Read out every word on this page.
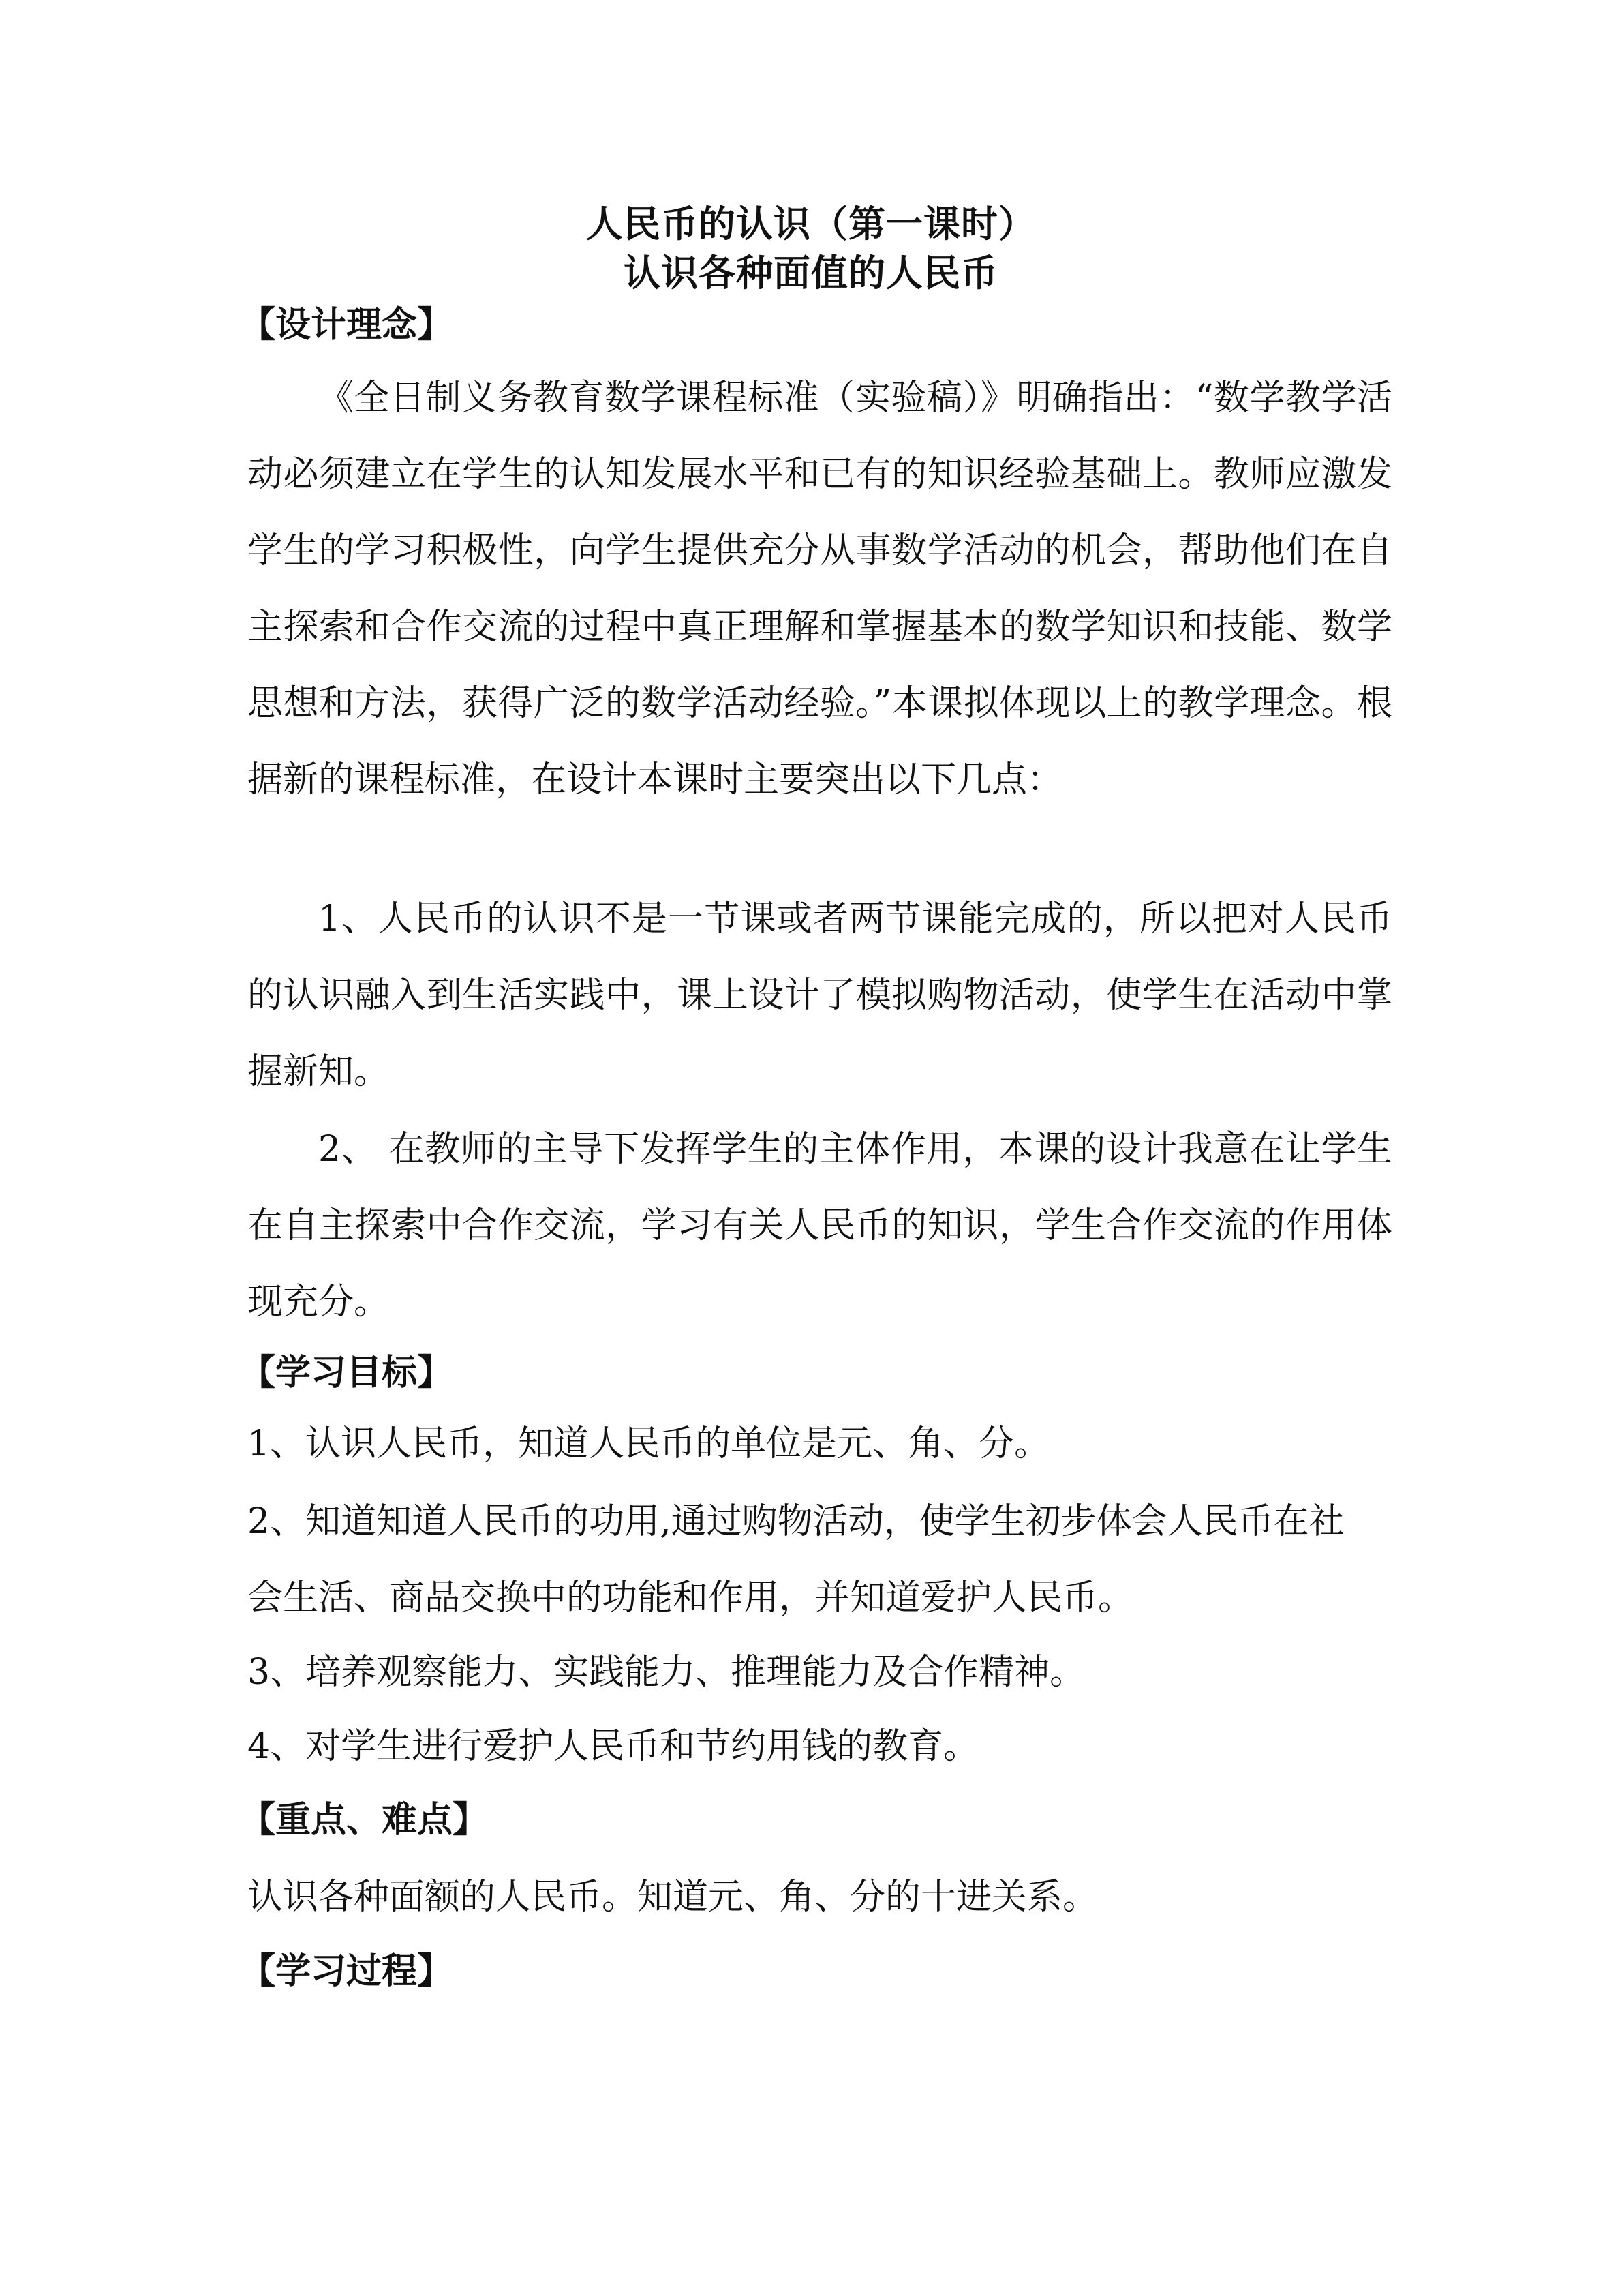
人民币的认识（第一课时）
认识各种面值的人民币
【设计理念】
《全日制义务教育数学课程标准（实验稿）》明确指出：“数学教学活动必须建立在学生的认知发展水平和已有的知识经验基础上。教师应激发学生的学习积极性，向学生提供充分从事数学活动的机会，帮助他们在自主探索和合作交流的过程中真正理解和掌握基本的数学知识和技能、数学思想和方法，获得广泛的数学活动经验。”本课拟体现以上的教学理念。根据新的课程标准，在设计本课时主要突出以下几点：
1、人民币的认识不是一节课或者两节课能完成的，所以把对人民币的认识融入到生活实践中，课上设计了模拟购物活动，使学生在活动中掌握新知。
2、 在教师的主导下发挥学生的主体作用，本课的设计我意在让学生在自主探索中合作交流，学习有关人民币的知识，学生合作交流的作用体现充分。
【学习目标】
1、认识人民币，知道人民币的单位是元、角、分。
2、知道知道人民币的功用,通过购物活动，使学生初步体会人民币在社会生活、商品交换中的功能和作用，并知道爱护人民币。
3、培养观察能力、实践能力、推理能力及合作精神。
4、对学生进行爱护人民币和节约用钱的教育。
【重点、难点】
认识各种面额的人民币。知道元、角、分的十进关系。
【学习过程】
